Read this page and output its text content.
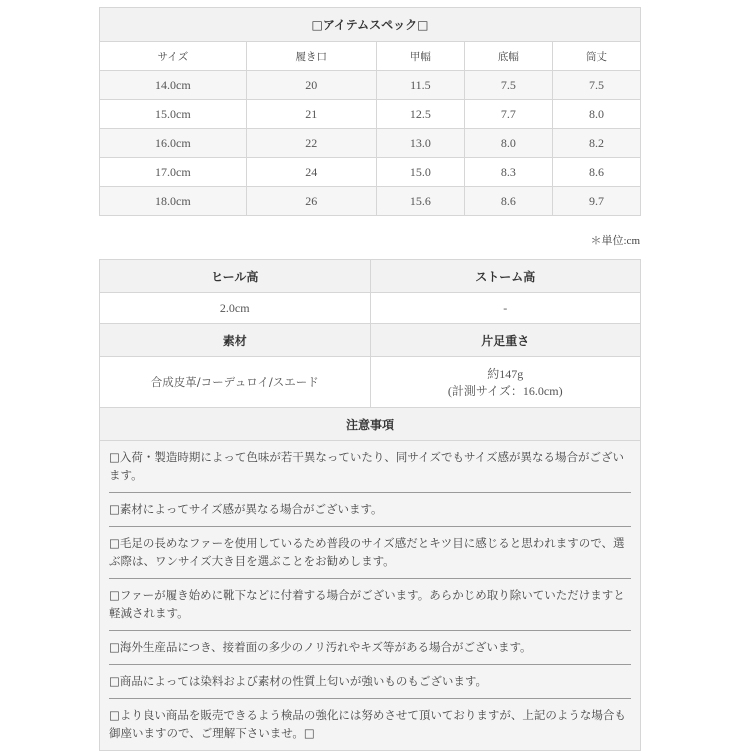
□アイテムスペック□				
サイズ	履き口	甲幅	底幅	筒丈
14.0cm	20	11.5	7.5	7.5
15.0cm	21	12.5	7.7	8.0
16.0cm	22	13.0	8.0	8.2
17.0cm	24	15.0	8.3	8.6
18.0cm	26	15.6	8.6	9.7
＊単位:cm
ヒール高	ストーム高
2.0cm	-
素材	片足重さ
合成皮革/コーデュロイ/スエード	約147g
(計測サイズ：16.0cm)
注意事項

□入荷・製造時期によって色味が若干異なっていたり、同サイズでもサイズ感が異なる場合がございます。
□素材によってサイズ感が異なる場合がございます。
□毛足の長めなファーを使用しているため普段のサイズ感だとキツ目に感じると思われますので、選ぶ際は、ワンサイズ大き目を選ぶことをお勧めします。
□ファーが履き始めに靴下などに付着する場合がございます。あらかじめ取り除いていただけますと軽減されます。
□海外生産品につき、接着面の多少のノリ汚れやキズ等がある場合がございます。
□商品によっては染料および素材の性質上匂いが強いものもございます。
□より良い商品を販売できるよう検品の強化には努めさせて頂いておりますが、上記のような場合も御座いますので、ご理解下さいませ。□
